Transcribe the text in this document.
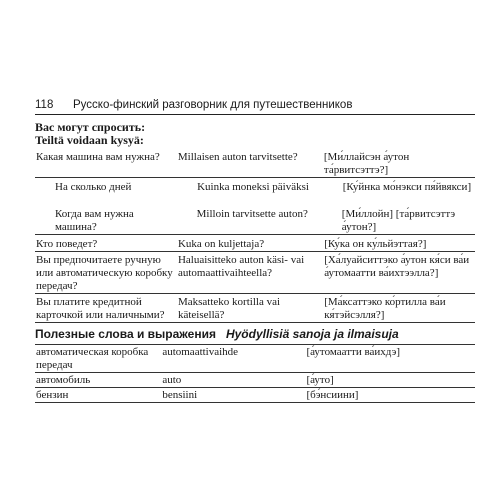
118 Русско-финский разговорник для путешественников
Вас могут спросить:
Teiltä voidaan kysyä:
Какая машина вам нужна?	Millaisen auton tarvitsette?	[Ми́ллайсэн а́утон та́рвитсэттэ?]
На сколько дней	Kuinka moneksi päiväksi	[Ку́йнка мо́нэкси пя́йвякси]
Когда вам нужна машина?	Milloin tarvitsette auton?	[Ми́ллойн] [та́рвитсэттэ а́утон?]
Кто поведет?	Kuka on kuljettaja?	[Ку́ка он ку́льйэттая?]
Вы предпочитаете ручную или автоматическую коробку передач?	Haluaisitteko auton käsi- vai automaattivaihteella?	[Ха́луайситтэко а́утон кя́си ва́и а́утомаатти ва́ихтээлла?]
Вы платите кредитной карточкой или наличными?	Maksatteko kortilla vai käteisellä?	[Ма́ксаттэко ко́ртилла ва́и кя́тэйсэлля?]
Полезные слова и выражения Hyödyllisiä sanoja ja ilmaisuja
автоматическая коробка передач	automaattivaihde	[а́утомаатти ва́ихдэ]
автомобиль	auto	[а́уто]
бензин	bensiini	[бэ́нсиини]
